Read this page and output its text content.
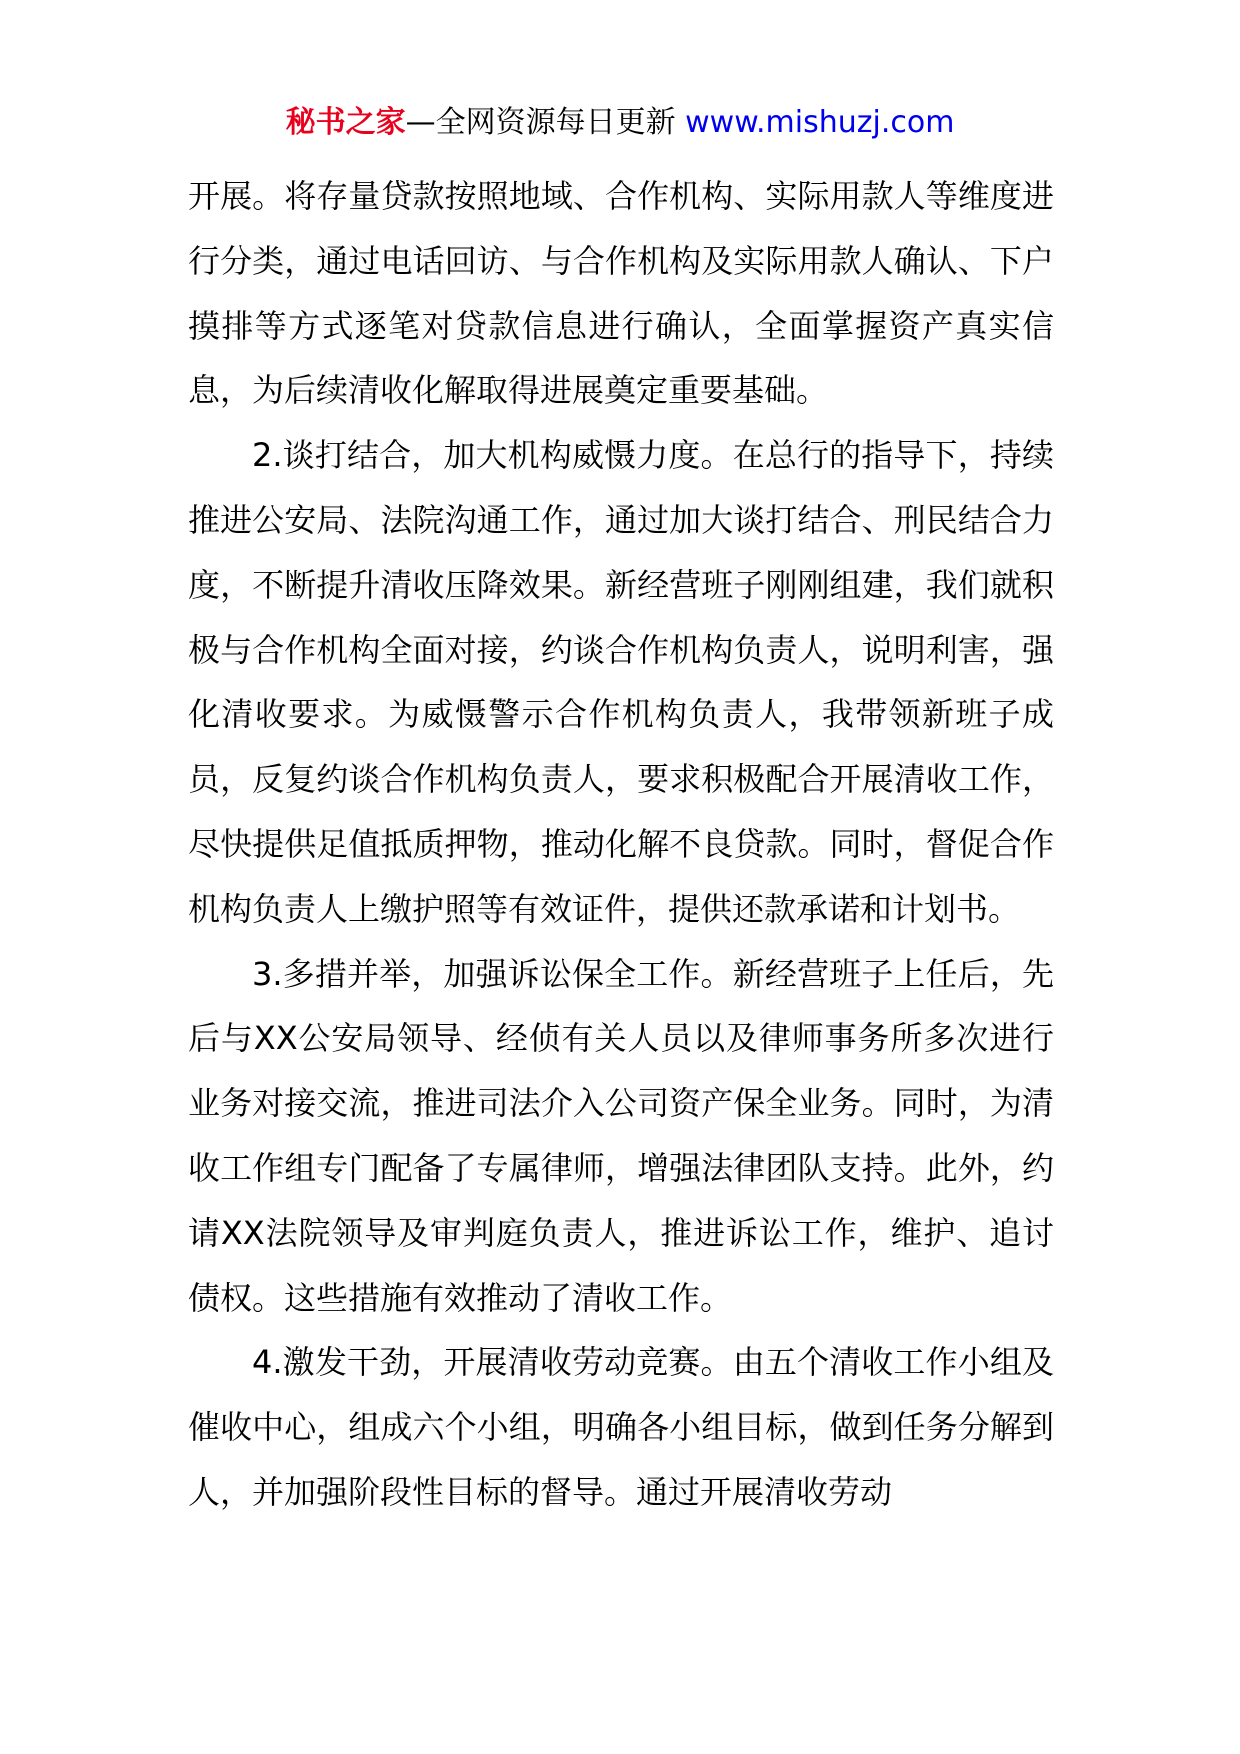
秘书之家—全网资源每日更新 www.mishuzj.com

开展。将存量贷款按照地域、合作机构、实际用款人等维度进行分类，通过电话回访、与合作机构及实际用款人确认、下户摸排等方式逐笔对贷款信息进行确认，全面掌握资产真实信息，为后续清收化解取得进展奠定重要基础。

2.谈打结合，加大机构威慑力度。在总行的指导下，持续推进公安局、法院沟通工作，通过加大谈打结合、刑民结合力度，不断提升清收压降效果。新经营班子刚刚组建，我们就积极与合作机构全面对接，约谈合作机构负责人，说明利害，强化清收要求。为威慑警示合作机构负责人，我带领新班子成员，反复约谈合作机构负责人，要求积极配合开展清收工作，尽快提供足值抵质押物，推动化解不良贷款。同时，督促合作机构负责人上缴护照等有效证件，提供还款承诺和计划书。

3.多措并举，加强诉讼保全工作。新经营班子上任后，先后与XX公安局领导、经侦有关人员以及律师事务所多次进行业务对接交流，推进司法介入公司资产保全业务。同时，为清收工作组专门配备了专属律师，增强法律团队支持。此外，约请XX法院领导及审判庭负责人，推进诉讼工作，维护、追讨债权。这些措施有效推动了清收工作。

4.激发干劲，开展清收劳动竞赛。由五个清收工作小组及催收中心，组成六个小组，明确各小组目标，做到任务分解到人，并加强阶段性目标的督导。通过开展清收劳动
